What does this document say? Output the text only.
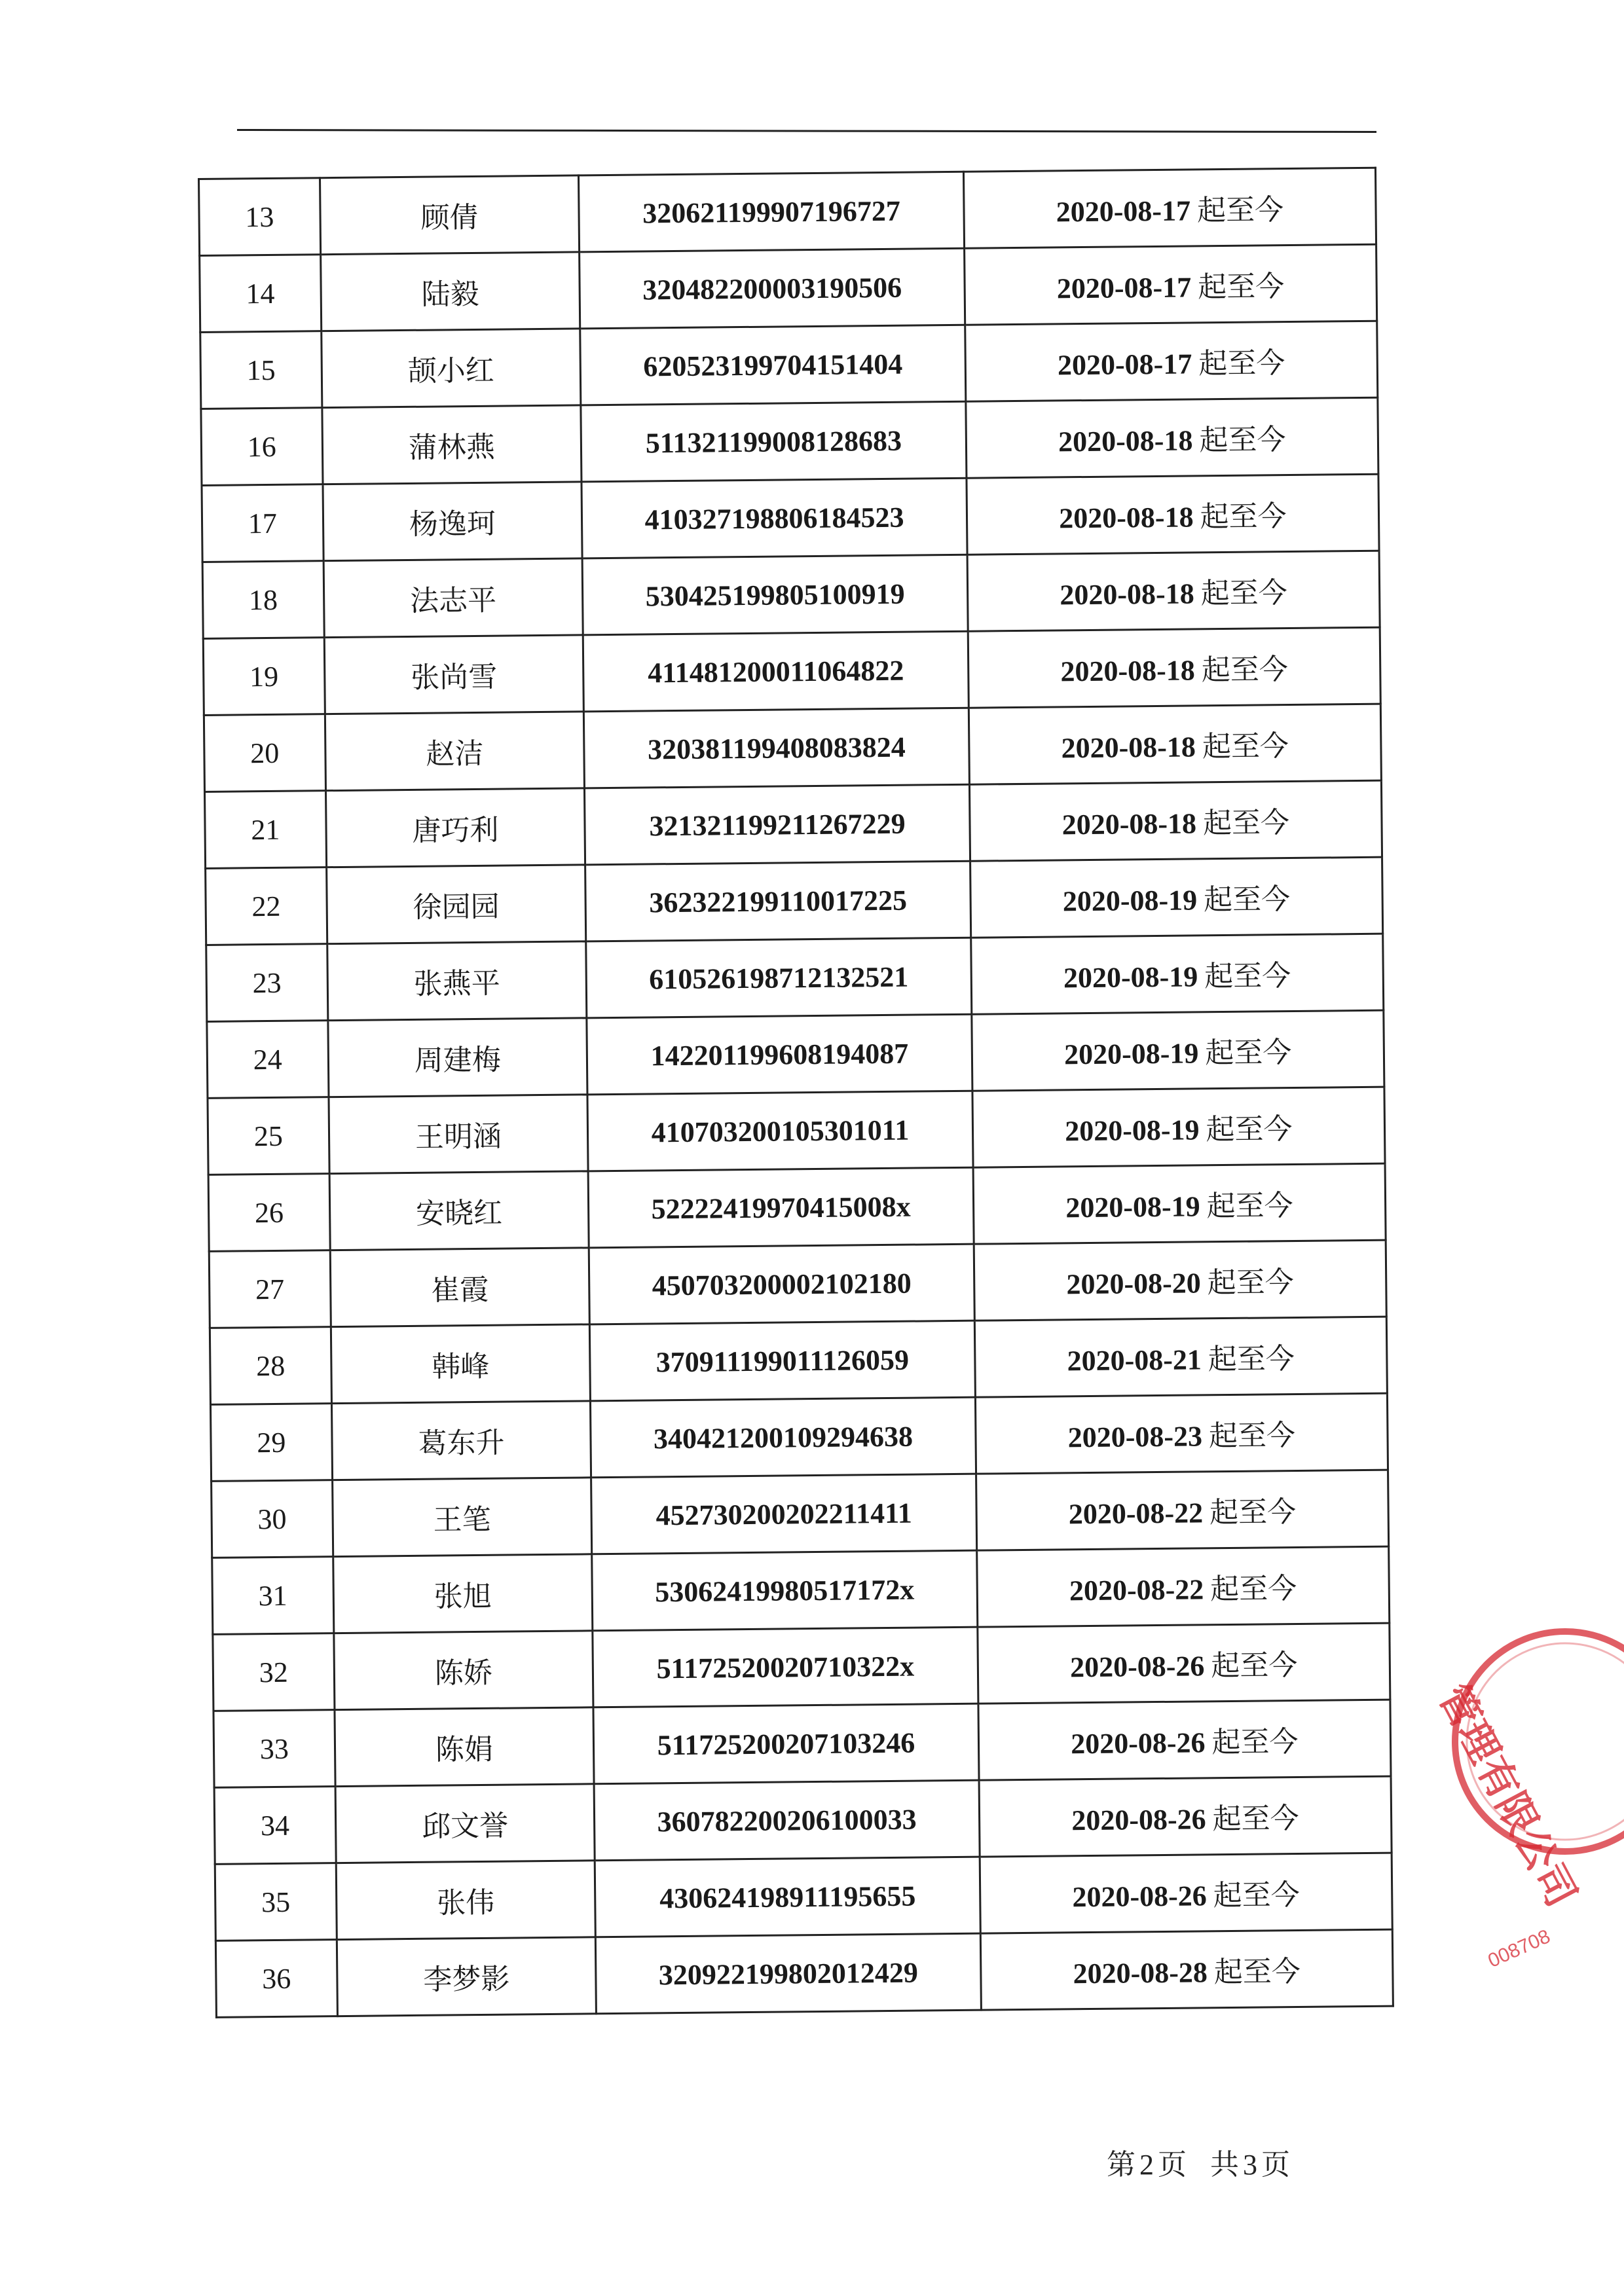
13	顾倩	320621199907196727	2020-08-17 起至今
14	陆毅	320482200003190506	2020-08-17 起至今
15	颉小红	620523199704151404	2020-08-17 起至今
16	蒲林燕	511321199008128683	2020-08-18 起至今
17	杨逸珂	410327198806184523	2020-08-18 起至今
18	法志平	530425199805100919	2020-08-18 起至今
19	张尚雪	411481200011064822	2020-08-18 起至今
20	赵洁	320381199408083824	2020-08-18 起至今
21	唐巧利	321321199211267229	2020-08-18 起至今
22	徐园园	362322199110017225	2020-08-19 起至今
23	张燕平	610526198712132521	2020-08-19 起至今
24	周建梅	142201199608194087	2020-08-19 起至今
25	王明涵	410703200105301011	2020-08-19 起至今
26	安晓红	52222419970415008x	2020-08-19 起至今
27	崔霞	450703200002102180	2020-08-20 起至今
28	韩峰	370911199011126059	2020-08-21 起至今
29	葛东升	340421200109294638	2020-08-23 起至今
30	王笔	452730200202211411	2020-08-22 起至今
31	张旭	53062419980517172x	2020-08-22 起至今
32	陈娇	51172520020710322x	2020-08-26 起至今
33	陈娟	511725200207103246	2020-08-26 起至今
34	邱文誉	360782200206100033	2020-08-26 起至今
35	张伟	430624198911195655	2020-08-26 起至今
36	李梦影	320922199802012429	2020-08-28 起至今
管理有限公司
008708
第 2 页 共 3 页
